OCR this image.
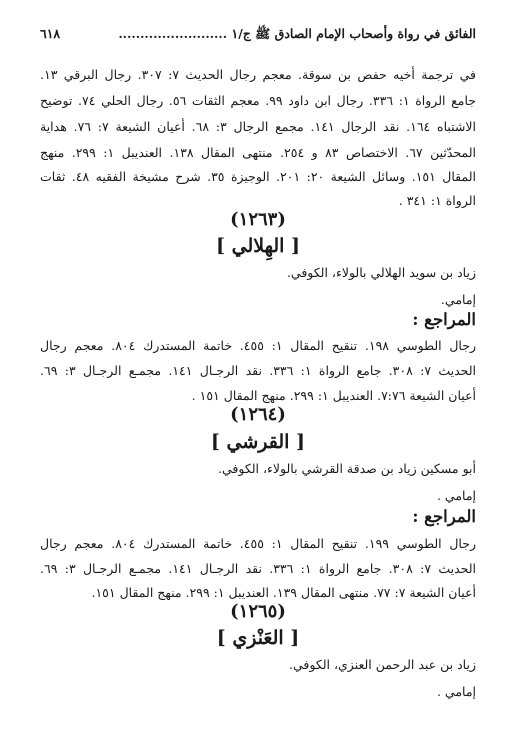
الفائق في رواة وأصحاب الإمام الصادق ﷺ ج/١ .........................
٦١٨
في ترجمة أخيه حفص بن سوقة. معجم رجال الحديث ٧: ٣٠٧. رجال البرقي ١٣.
جامع الرواة ١: ٣٣٦. رجال ابن داود ٩٩. معجم الثقات ٥٦. رجال الحلي ٧٤. توضيح
الاشتباه ١٦٤. نقد الرجال ١٤١. مجمع الرجال ٣: ٦٨. أعيان الشيعة ٧: ٧٦. هداية
المحدّثين ٦٧. الاختصاص ٨٣ و ٢٥٤. منتهى المقال ١٣٨. العنديبل ١: ٢٩٩. منهج
المقال ١٥١. وسائل الشيعة ٢٠: ٢٠١. الوجيزة ٣٥. شرح مشيخة الفقيه ٤٨. ثقات
الرواة ١: ٣٤١ .
(١٢٦٣)
[ الهِلالي ]
زياد بن سويد الهلالي بالولاء، الكوفي.
إمامي.
المراجع :
رجال الطوسي ١٩٨. تنقيح المقال ١: ٤٥٥. خاتمة المستدرك ٨٠٤. معجم رجال
الحديث ٧: ٣٠٨. جامع الرواة ١: ٣٣٦. نقد الرجـال ١٤١. مجمـع الرجـال ٣: ٦٩.
أعيان الشيعة ٧:٧٦. العنديبل ١: ٢٩٩. منهج المقال ١٥١ .
(١٢٦٤)
[ القرشي ]
أبو مسكين زياد بن صدقة القرشي بالولاء، الكوفي.
إمامي .
المراجع :
رجال الطوسي ١٩٩. تنقيح المقال ١: ٤٥٥. خاتمة المستدرك ٨٠٤. معجم رجال
الحديث ٧: ٣٠٨. جامع الرواة ١: ٣٣٦. نقد الرجـال ١٤١. مجمـع الرجـال ٣: ٦٩.
أعيان الشيعة ٧: ٧٧. منتهى المقال ١٣٩. العنديبل ١: ٢٩٩. منهج المقال ١٥١.
(١٢٦٥)
[ العَنْزي ]
زياد بن عبد الرحمن العنزي، الكوفي.
إمامي .
